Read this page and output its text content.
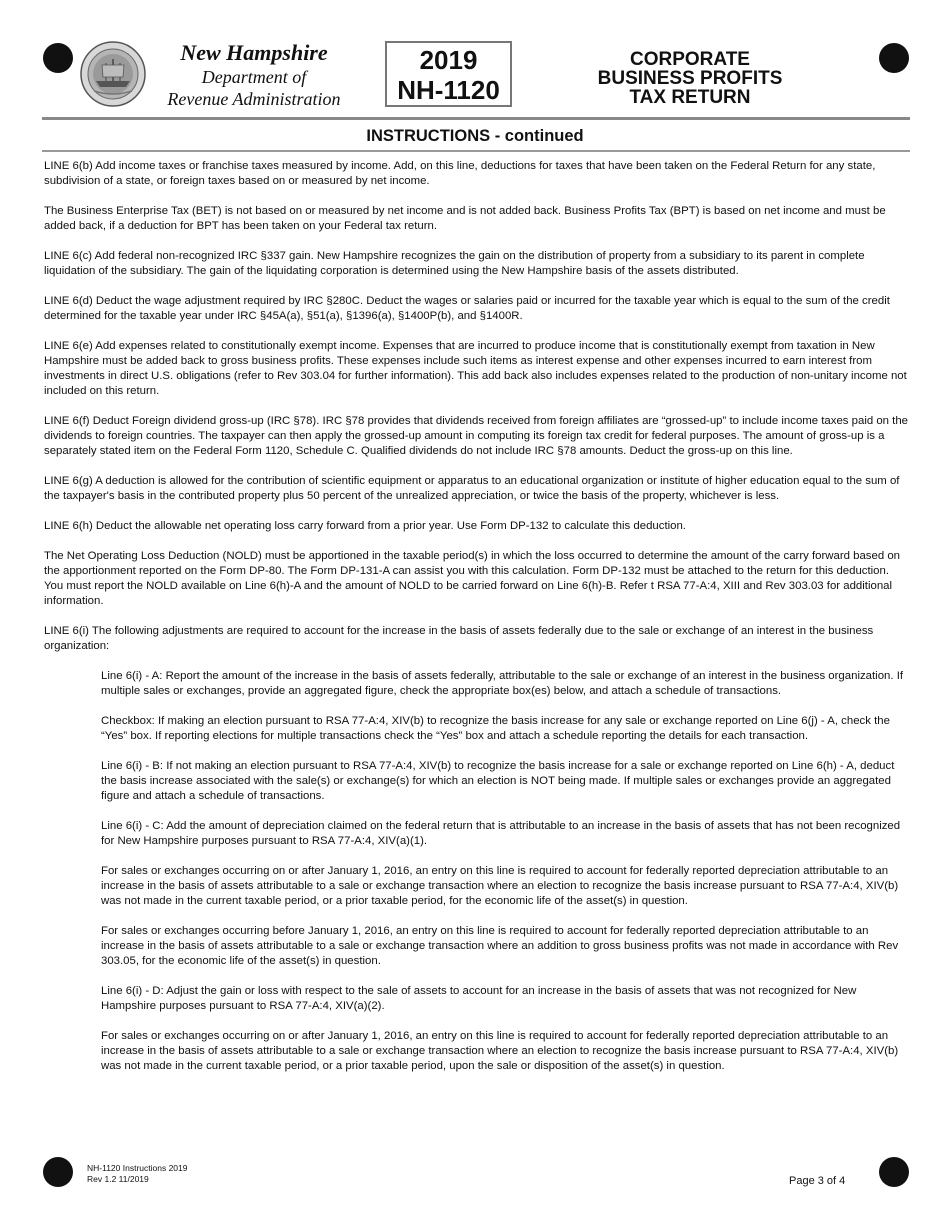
New Hampshire
Department of
Revenue Administration
2019
NH-1120
CORPORATE
BUSINESS PROFITS
TAX RETURN
INSTRUCTIONS - continued

LINE 6(b) Add income taxes or franchise taxes measured by income. Add, on this line, deductions for taxes that have been taken on the Federal Return for any state, subdivision of a state, or foreign taxes based on or measured by net income.

The Business Enterprise Tax (BET) is not based on or measured by net income and is not added back. Business Profits Tax (BPT) is based on net income and must be added back, if a deduction for BPT has been taken on your Federal tax return.

LINE 6(c) Add federal non-recognized IRC §337 gain. New Hampshire recognizes the gain on the distribution of property from a subsidiary to its parent in complete liquidation of the subsidiary. The gain of the liquidating corporation is determined using the New Hampshire basis of the assets distributed.

LINE 6(d) Deduct the wage adjustment required by IRC §280C. Deduct the wages or salaries paid or incurred for the taxable year which is equal to the sum of the credit determined for the taxable year under IRC §45A(a), §51(a), §1396(a), §1400P(b), and §1400R.

LINE 6(e) Add expenses related to constitutionally exempt income. Expenses that are incurred to produce income that is constitutionally exempt from taxation in New Hampshire must be added back to gross business profits. These expenses include such items as interest expense and other expenses incurred to earn interest from investments in direct U.S. obligations (refer to Rev 303.04 for further information). This add back also includes expenses related to the production of non-unitary income not included on this return.

LINE 6(f) Deduct Foreign dividend gross-up (IRC §78). IRC §78 provides that dividends received from foreign affiliates are “grossed-up” to include income taxes paid on the dividends to foreign countries. The taxpayer can then apply the grossed-up amount in computing its foreign tax credit for federal purposes. The amount of gross-up is a separately stated item on the Federal Form 1120, Schedule C. Qualified dividends do not include IRC §78 amounts. Deduct the gross-up on this line.

LINE 6(g) A deduction is allowed for the contribution of scientific equipment or apparatus to an educational organization or institute of higher education equal to the sum of the taxpayer's basis in the contributed property plus 50 percent of the unrealized appreciation, or twice the basis of the property, whichever is less.

LINE 6(h) Deduct the allowable net operating loss carry forward from a prior year. Use Form DP-132 to calculate this deduction.

The Net Operating Loss Deduction (NOLD) must be apportioned in the taxable period(s) in which the loss occurred to determine the amount of the carry forward based on the apportionment reported on the Form DP-80. The Form DP-131-A can assist you with this calculation. Form DP-132 must be attached to the return for this deduction. You must report the NOLD available on Line 6(h)-A and the amount of NOLD to be carried forward on Line 6(h)-B. Refer t RSA 77-A:4, XIII and Rev 303.03 for additional information.

LINE 6(i) The following adjustments are required to account for the increase in the basis of assets federally due to the sale or exchange of an interest in the business organization:

Line 6(i) - A: Report the amount of the increase in the basis of assets federally, attributable to the sale or exchange of an interest in the business organization. If multiple sales or exchanges, provide an aggregated figure, check the appropriate box(es) below, and attach a schedule of transactions.

Checkbox: If making an election pursuant to RSA 77-A:4, XIV(b) to recognize the basis increase for any sale or exchange reported on Line 6(j) - A, check the “Yes” box. If reporting elections for multiple transactions check the “Yes” box and attach a schedule reporting the details for each transaction.

Line 6(i) - B: If not making an election pursuant to RSA 77-A:4, XIV(b) to recognize the basis increase for a sale or exchange reported on Line 6(h) - A, deduct the basis increase associated with the sale(s) or exchange(s) for which an election is NOT being made. If multiple sales or exchanges provide an aggregated figure and attach a schedule of transactions.

Line 6(i) - C: Add the amount of depreciation claimed on the federal return that is attributable to an increase in the basis of assets that has not been recognized for New Hampshire purposes pursuant to RSA 77-A:4, XIV(a)(1).

For sales or exchanges occurring on or after January 1, 2016, an entry on this line is required to account for federally reported depreciation attributable to an increase in the basis of assets attributable to a sale or exchange transaction where an election to recognize the basis increase pursuant to RSA 77-A:4, XIV(b) was not made in the current taxable period, or a prior taxable period, for the economic life of the asset(s) in question.

For sales or exchanges occurring before January 1, 2016, an entry on this line is required to account for federally reported depreciation attributable to an increase in the basis of assets attributable to a sale or exchange transaction where an addition to gross business profits was not made in accordance with Rev 303.05, for the economic life of the asset(s) in question.

Line 6(i) - D: Adjust the gain or loss with respect to the sale of assets to account for an increase in the basis of assets that was not recognized for New Hampshire purposes pursuant to RSA 77-A:4, XIV(a)(2).

For sales or exchanges occurring on or after January 1, 2016, an entry on this line is required to account for federally reported depreciation attributable to an increase in the basis of assets attributable to a sale or exchange transaction where an election to recognize the basis increase pursuant to RSA 77-A:4, XIV(b) was not made in the current taxable period, or a prior taxable period, upon the sale or disposition of the asset(s) in question.

NH-1120 Instructions 2019
Rev 1.2 11/2019	Page 3 of 4
